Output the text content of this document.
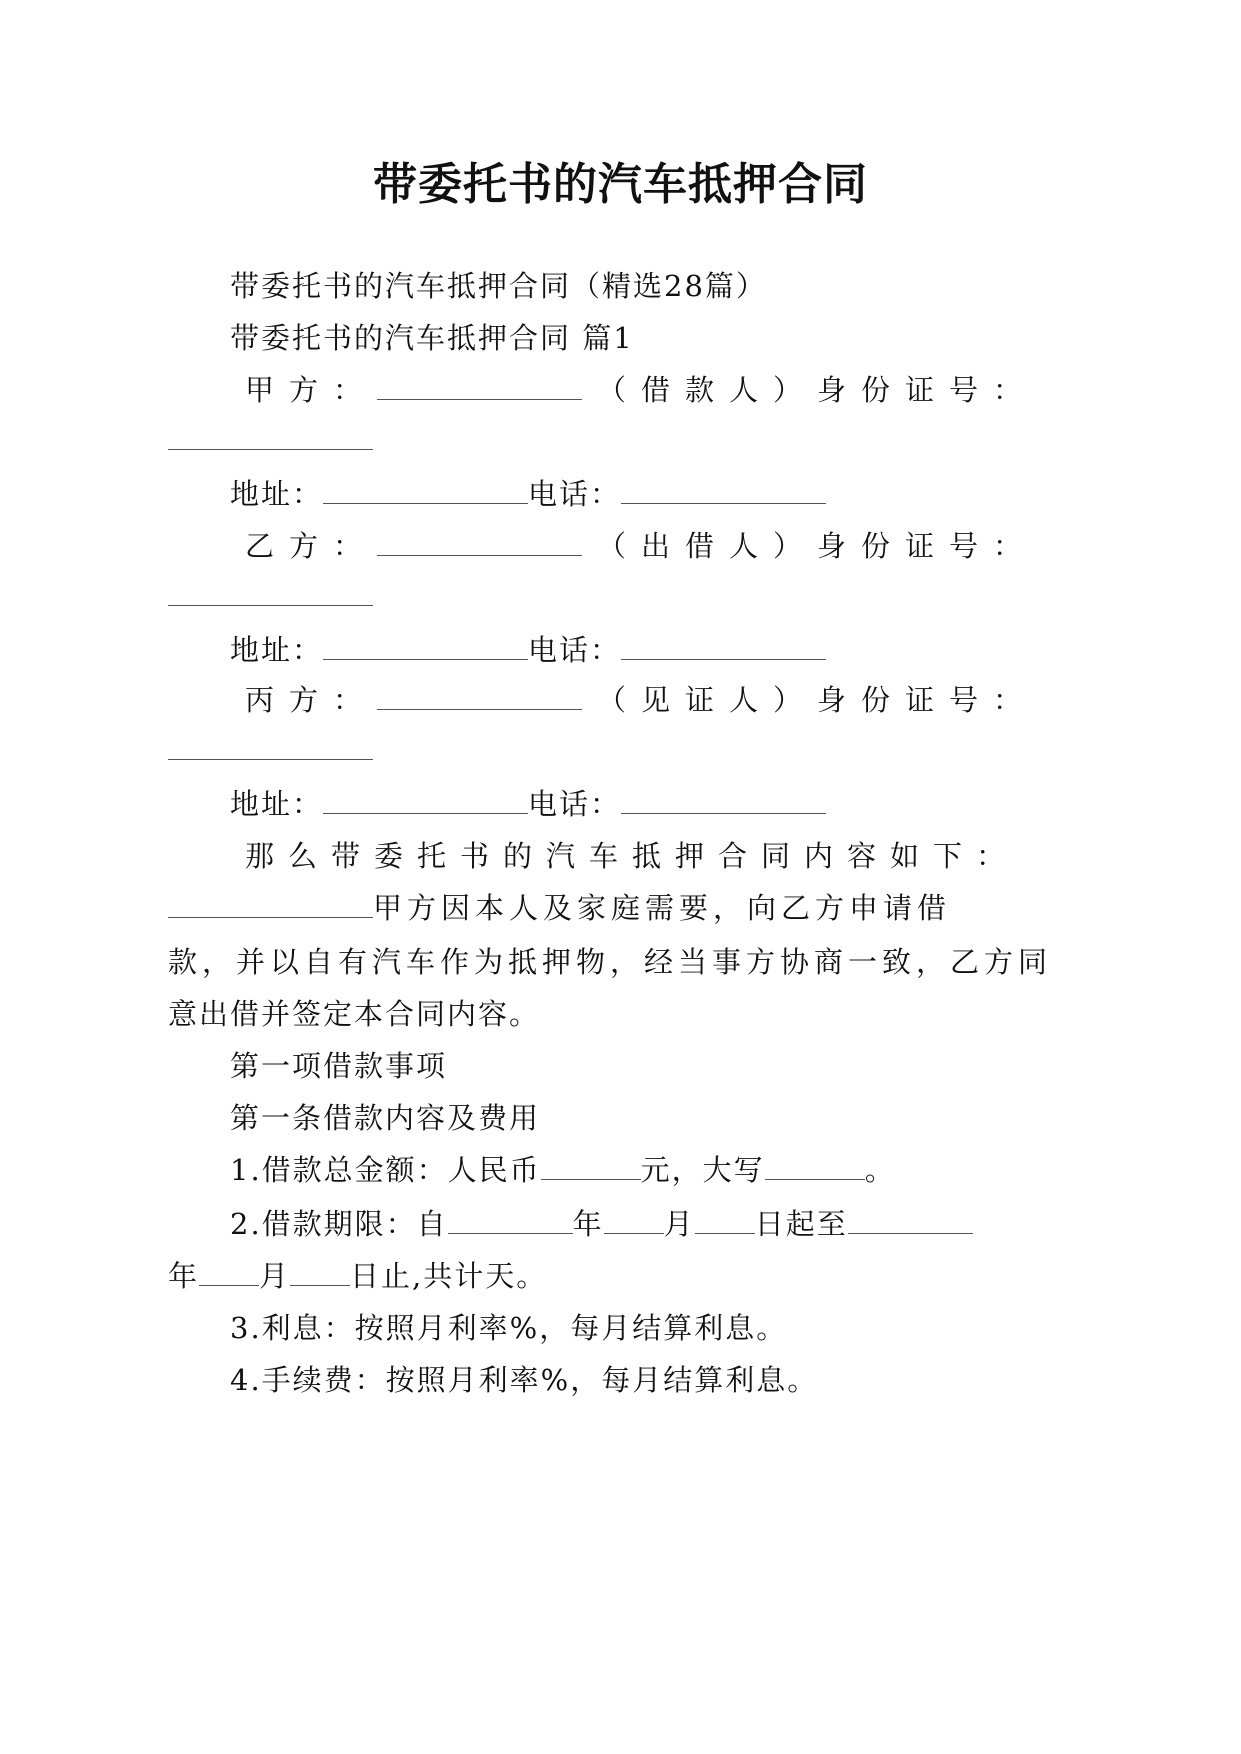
带委托书的汽车抵押合同

带委托书的汽车抵押合同（精选28篇）

带委托书的汽车抵押合同 篇1

甲方：	（借款人）身份证号：

地址：	电话：

乙方：	（出借人）身份证号：

地址：	电话：

丙方：	（见证人）身份证号：

地址：	电话：

那么带委托书的汽车抵押合同内容如下：

甲方因本人及家庭需要，向乙方申请借

款，并以自有汽车作为抵押物，经当事方协商一致，乙方同

意出借并签定本合同内容。

第一项借款事项

第一条借款内容及费用

1.借款总金额：人民币	元，大写	。

2.借款期限：自	年 月 日起至

年 月 日止,共计天。

3.利息：按照月利率%，每月结算利息。

4.手续费：按照月利率%，每月结算利息。
